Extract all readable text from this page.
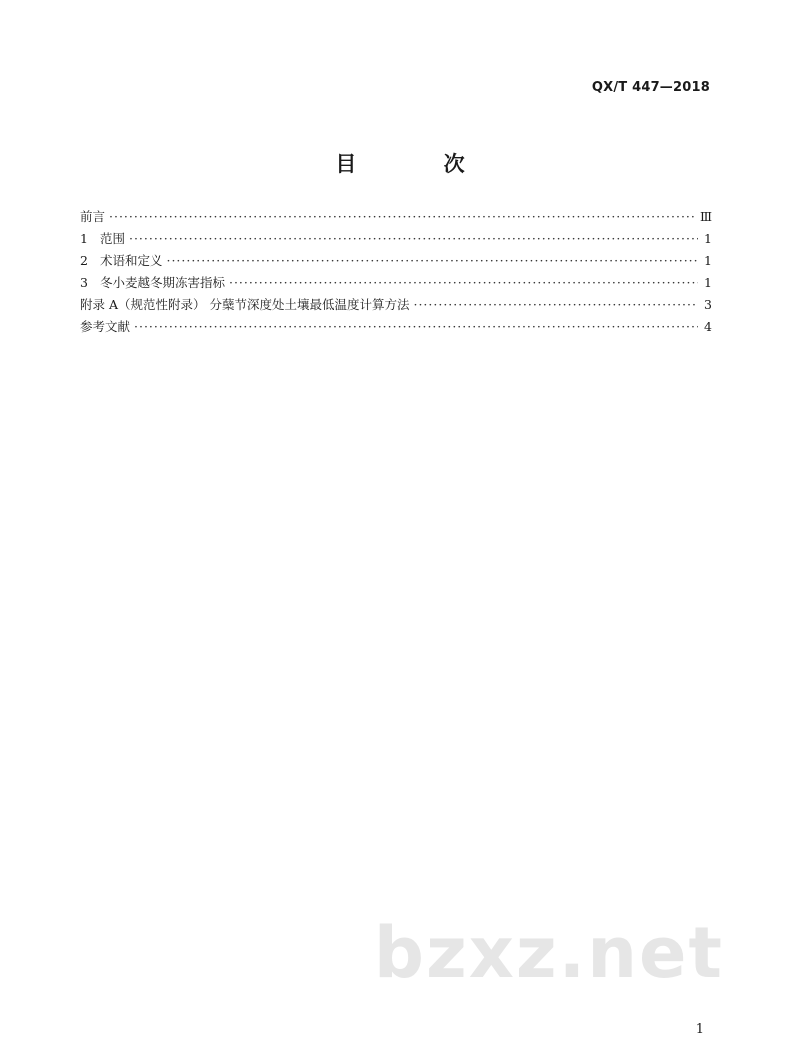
QX/T 447—2018
目 次
前言 ·····	Ⅲ
1 范围 ·····	1
2 术语和定义 ·····	1
3 冬小麦越冬期冻害指标 ·····	1
附录 A（规范性附录） 分蘖节深度处土壤最低温度计算方法 ·····	3
参考文献 ·····	4
bzxz.net
1
